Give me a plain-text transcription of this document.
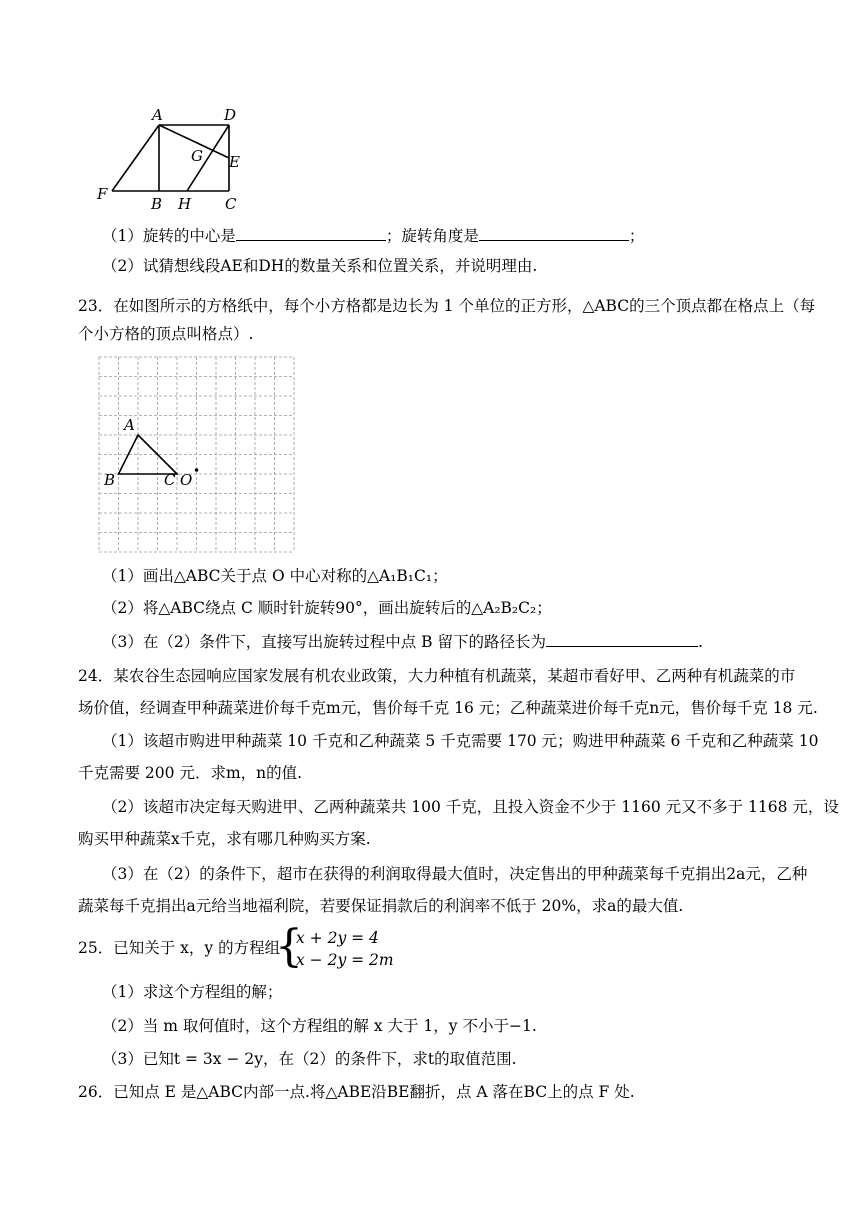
A	D
G E
F
B H C
（1）旋转的中心是	；旋转角度是	；
（2）试猜想线段AE和DH的数量关系和位置关系，并说明理由.
23．在如图所示的方格纸中，每个小方格都是边长为 1 个单位的正方形，△ABC的三个顶点都在格点上（每
个小方格的顶点叫格点）.
A
B	C O
（1）画出△ABC关于点 O 中心对称的△A₁B₁C₁；
（2）将△ABC绕点 C 顺时针旋转90°，画出旋转后的△A₂B₂C₂；
（3）在（2）条件下，直接写出旋转过程中点 B 留下的路径长为	.
24．某农谷生态园响应国家发展有机农业政策，大力种植有机蔬菜，某超市看好甲、乙两种有机蔬菜的市
场价值，经调查甲种蔬菜进价每千克m元，售价每千克 16 元；乙种蔬菜进价每千克n元，售价每千克 18 元.
（1）该超市购进甲种蔬菜 10 千克和乙种蔬菜 5 千克需要 170 元；购进甲种蔬菜 6 千克和乙种蔬菜 10
千克需要 200 元．求m，n的值.
（2）该超市决定每天购进甲、乙两种蔬菜共 100 千克，且投入资金不少于 1160 元又不多于 1168 元，设
购买甲种蔬菜x千克，求有哪几种购买方案.
（3）在（2）的条件下，超市在获得的利润取得最大值时，决定售出的甲种蔬菜每千克捐出2a元，乙种
蔬菜每千克捐出a元给当地福利院，若要保证捐款后的利润率不低于 20%，求a的最大值.
25．已知关于 x，y 的方程组
{
x + 2y = 4
x − 2y = 2m
（1）求这个方程组的解；
（2）当 m 取何值时，这个方程组的解 x 大于 1，y 不小于−1.
（3）已知t = 3x − 2y，在（2）的条件下，求t的取值范围.
26．已知点 E 是△ABC内部一点.将△ABE沿BE翻折，点 A 落在BC上的点 F 处.
